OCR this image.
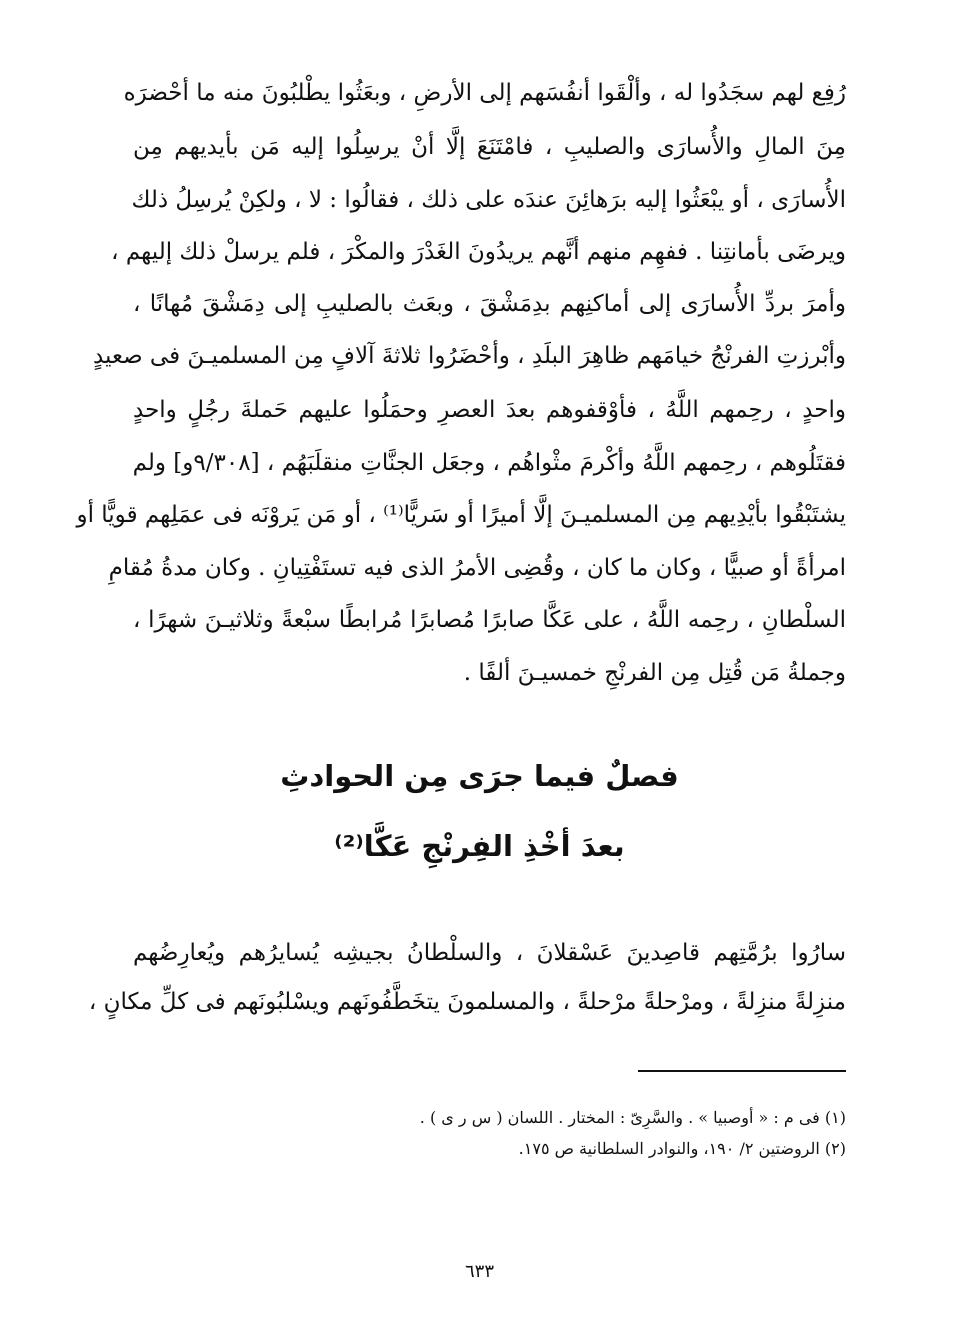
رُفِع لهم سجَدُوا له ، وألْقَوا أنفُسَهم إلى الأرضِ ، وبعَثُوا يطْلبُونَ منه ما أحْضرَه
مِنَ المالِ والأُسارَى والصليبِ ، فامْتَنَعَ إلَّا أنْ يرسِلُوا إليه مَن بأيديهم مِن
الأُسارَى ، أو يبْعَثُوا إليه برَهائِنَ عندَه على ذلك ، فقالُوا : لا ، ولكِنْ يُرسِلُ ذلك
ويرضَى بأمانتِنا . ففهِم منهم أنَّهم يريدُونَ الغَدْرَ والمكْرَ ، فلم يرسلْ ذلك إليهم ،
وأمرَ بردِّ الأُسارَى إلى أماكنِهم بدِمَشْقَ ، وبعَث بالصليبِ إلى دِمَشْقَ مُهانًا ،
وأبْرزتِ الفرنْجُ خيامَهم ظاهِرَ البلَدِ ، وأحْضَرُوا ثلاثةَ آلافٍ مِن المسلميـنَ فى صعيدٍ
واحدٍ ، رحِمهم اللَّهُ ، فأوْقفوهم بعدَ العصرِ وحمَلُوا عليهم حَملةَ رجُلٍ واحدٍ
فقتَلُوهم ، رحِمهم اللَّهُ وأكْرمَ مثْواهُم ، وجعَل الجنَّاتِ منقلَبَهُم ، [٩/٣٠٨و] ولم
يشتَبْقُوا بأيْدِيهم مِن المسلميـنَ إلَّا أميرًا أو سَريًّا⁽¹⁾ ، أو مَن يَروْنَه فى عمَلِهم قويًّا أو
امرأةً أو صبيًّا ، وكان ما كان ، وقُضِى الأمرُ الذى فيه تستَفْتِيانِ . وكان مدةُ مُقامِ
السلْطانِ ، رحِمه اللَّهُ ، على عَكَّا صابرًا مُصابرًا مُرابطًا سبْعةً وثلاثيـنَ شهرًا ،
وجملةُ مَن قُتِل مِن الفرنْجِ خمسيـنَ ألفًا .
فصلٌ فيما جرَى مِن الحوادثِ
بعدَ أخْذِ الفِرنْجِ عَكَّا⁽²⁾
سارُوا برُمَّتِهم قاصِدينَ عَسْقلانَ ، والسلْطانُ بجيشِه يُسايرُهم ويُعارِضُهم
منزِلةً منزِلةً ، ومرْحلةً مرْحلةً ، والمسلمونَ يتخَطَّفُونَهم ويسْلبُونَهم فى كلِّ مكانٍ ،
(١) فى م : « أوصبيا » . والسَّرِىّ : المختار . اللسان ( س ر ى ) .
(٢) الروضتين ٢/ ١٩٠، والنوادر السلطانية ص ١٧٥.
٦٣٣
